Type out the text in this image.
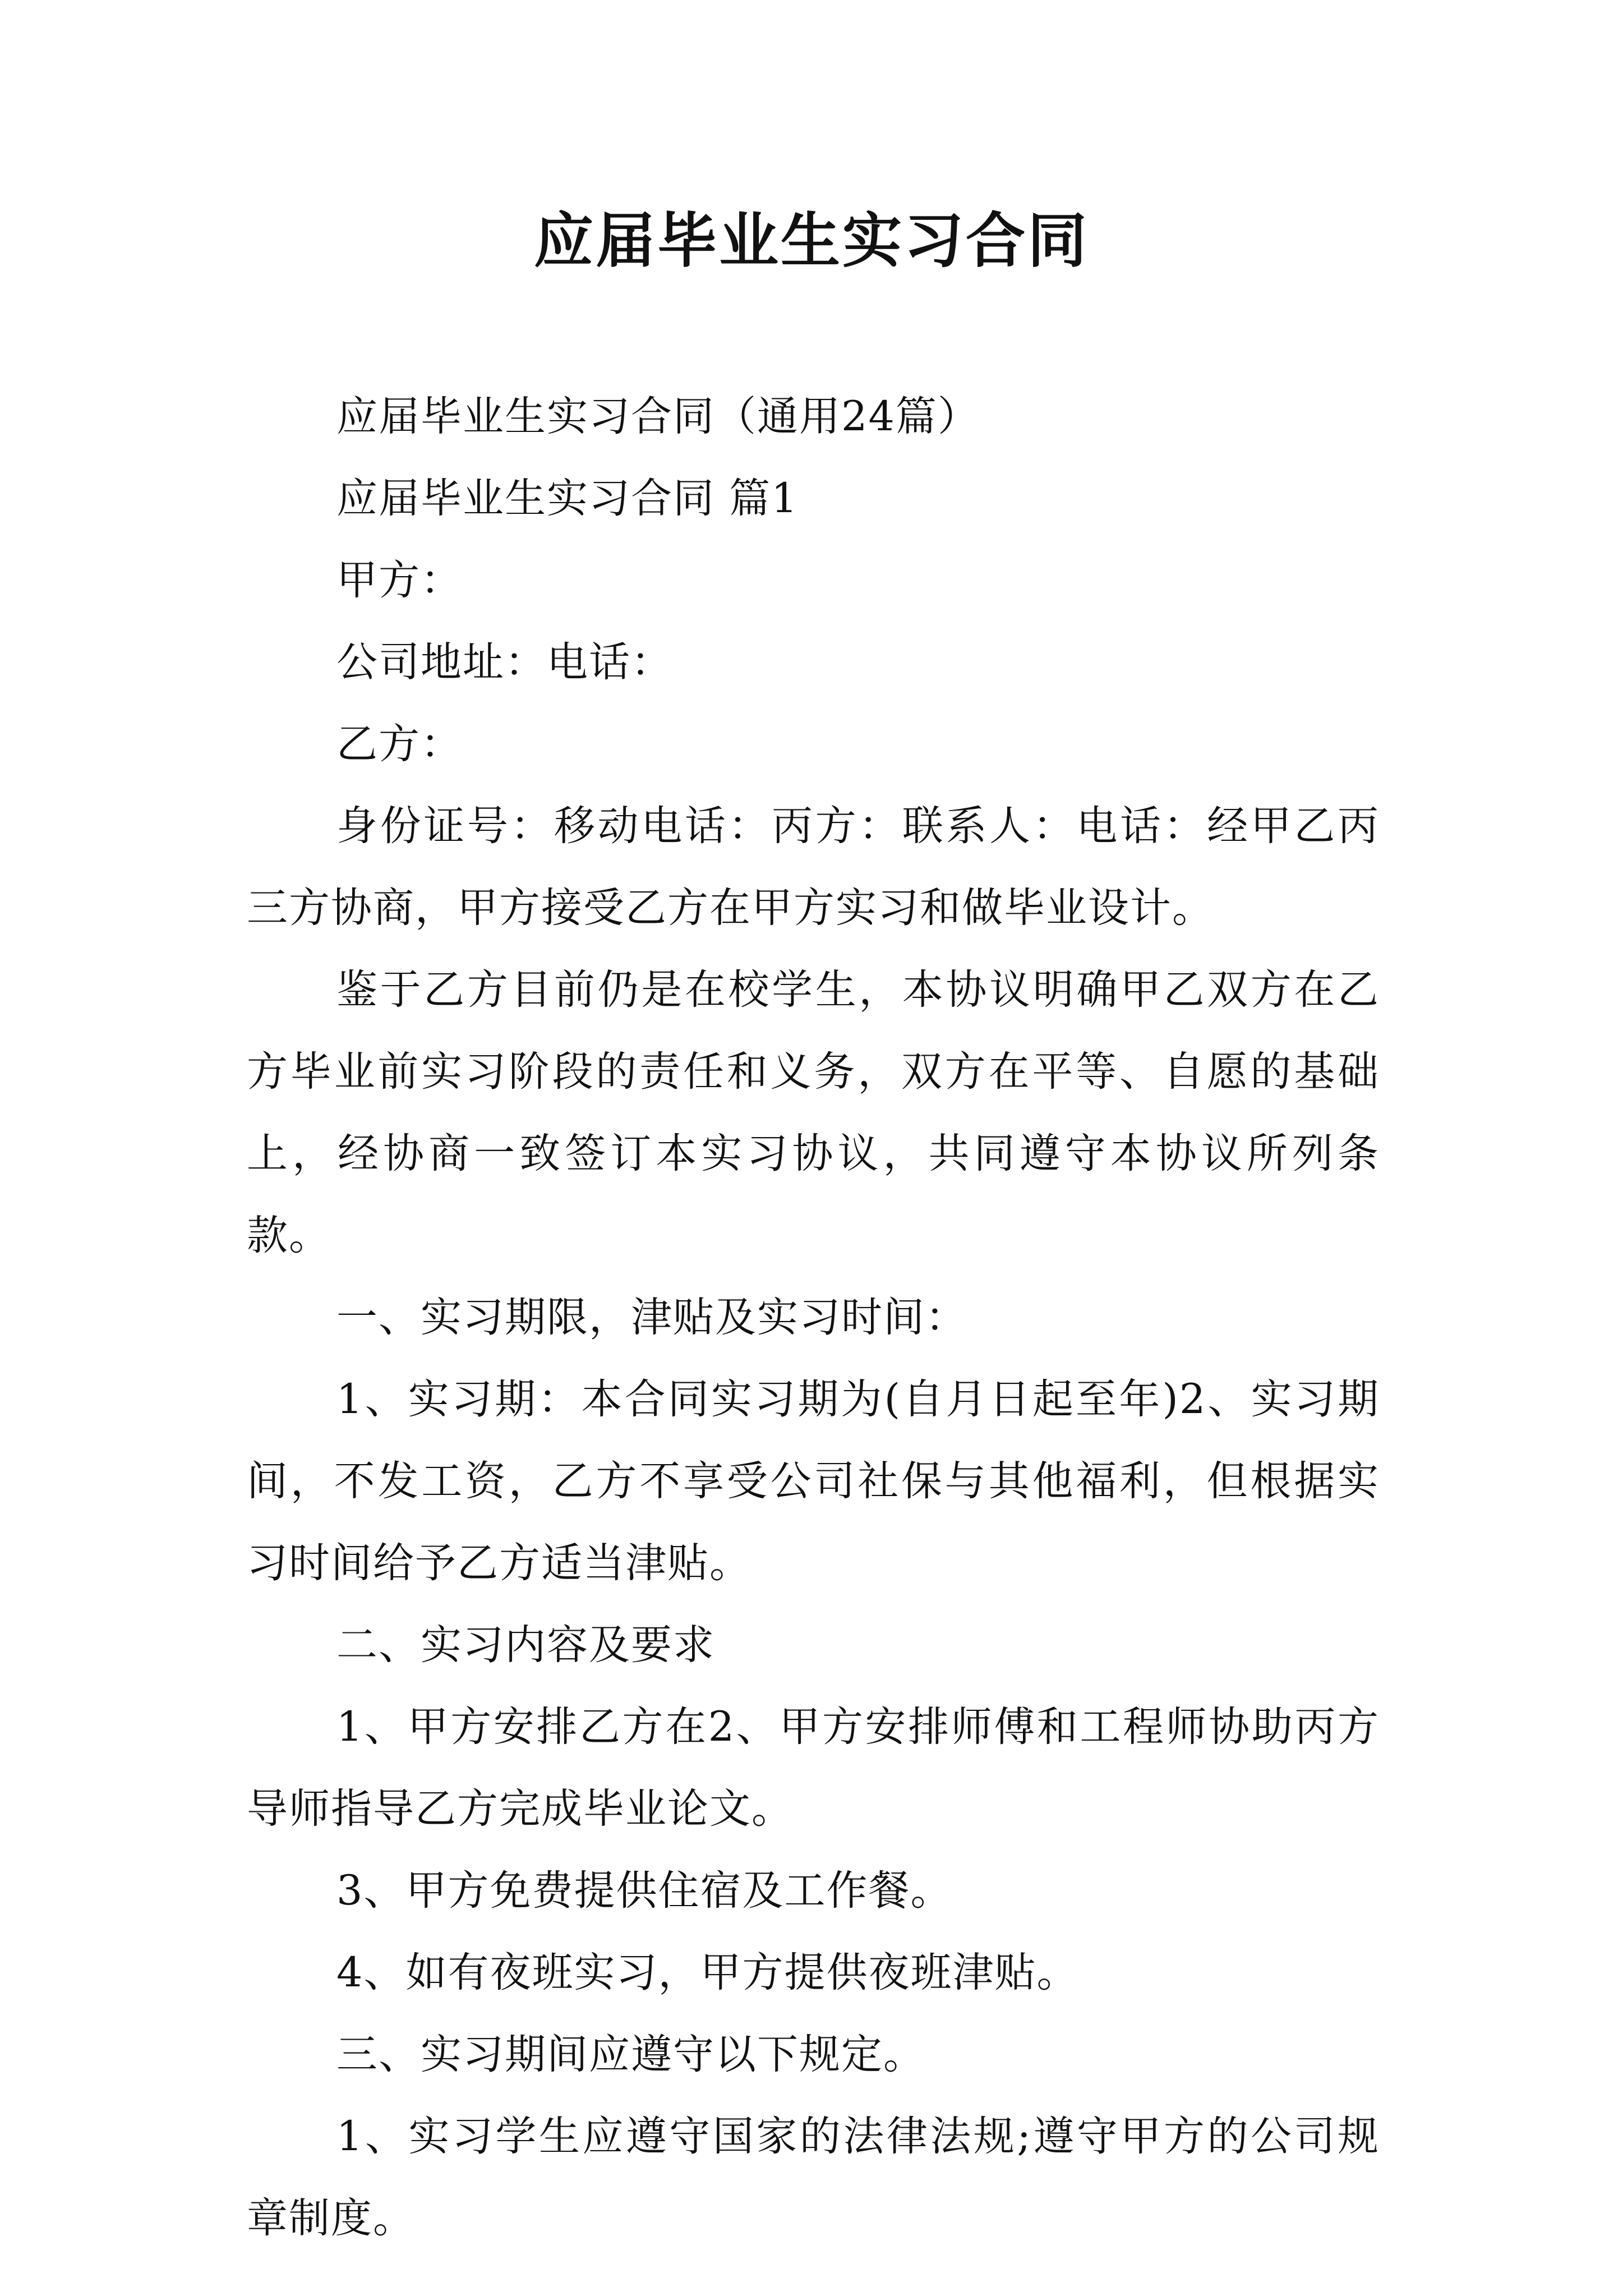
应届毕业生实习合同

应届毕业生实习合同（通用24篇）

应届毕业生实习合同 篇1

甲方：

公司地址：电话：

乙方：

身份证号：移动电话：丙方：联系人：电话：经甲乙丙三方协商，甲方接受乙方在甲方实习和做毕业设计。

鉴于乙方目前仍是在校学生，本协议明确甲乙双方在乙方毕业前实习阶段的责任和义务，双方在平等、自愿的基础上，经协商一致签订本实习协议，共同遵守本协议所列条款。

一、实习期限，津贴及实习时间：

1、实习期：本合同实习期为(自月日起至年)2、实习期间，不发工资，乙方不享受公司社保与其他福利，但根据实习时间给予乙方适当津贴。

二、实习内容及要求

1、甲方安排乙方在2、甲方安排师傅和工程师协助丙方导师指导乙方完成毕业论文。

3、甲方免费提供住宿及工作餐。

4、如有夜班实习，甲方提供夜班津贴。

三、实习期间应遵守以下规定。

1、实习学生应遵守国家的法律法规;遵守甲方的公司规章制度。
